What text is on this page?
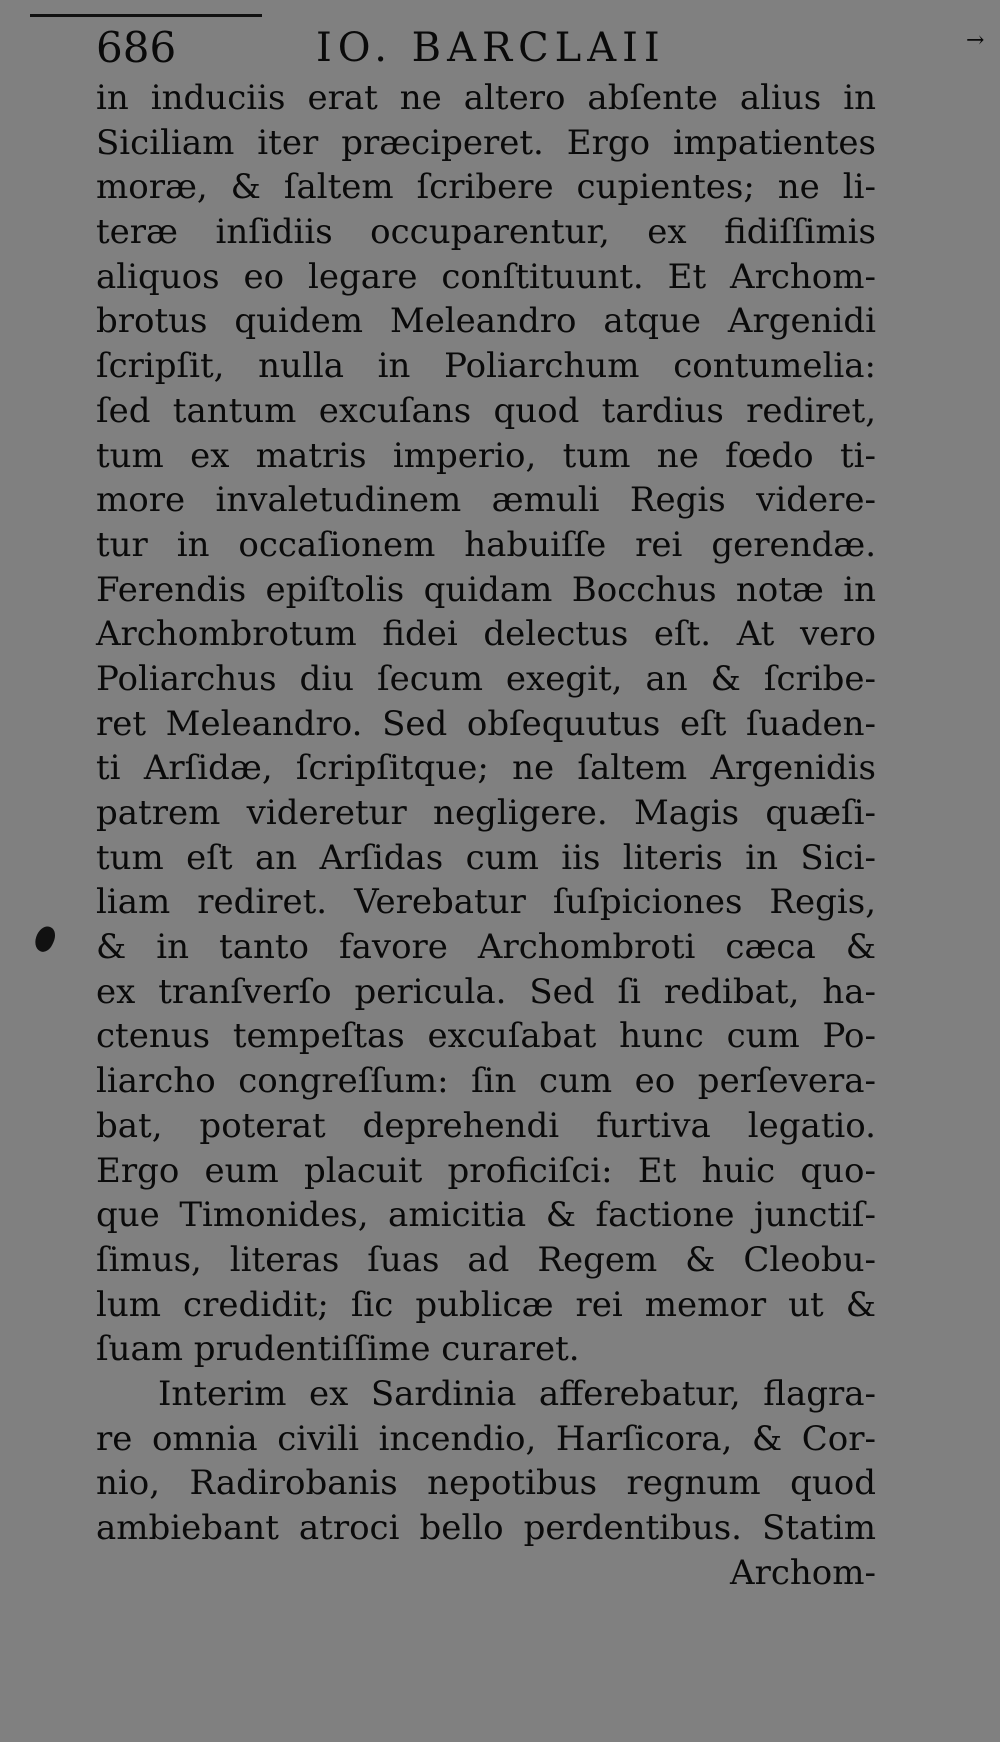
→
686	IO. BARCLAII
in induciis erat ne altero abſente alius in
Siciliam iter præciperet. Ergo impatientes
moræ, & ſaltem ſcribere cupientes; ne li-
teræ inſidiis occuparentur, ex fidiſſimis
aliquos eo legare conſtituunt. Et Archom-
brotus quidem Meleandro atque Argenidi
ſcripſit, nulla in Poliarchum contumelia:
ſed tantum excuſans quod tardius rediret,
tum ex matris imperio, tum ne fœdo ti-
more invaletudinem æmuli Regis videre-
tur in occaſionem habuiſſe rei gerendæ.
Ferendis epiſtolis quidam Bocchus notæ in
Archombrotum fidei delectus eſt. At vero
Poliarchus diu ſecum exegit, an & ſcribe-
ret Meleandro. Sed obſequutus eſt ſuaden-
ti Arſidæ, ſcripſitque; ne ſaltem Argenidis
patrem videretur negligere. Magis quæſi-
tum eſt an Arſidas cum iis literis in Sici-
liam rediret. Verebatur ſuſpiciones Regis,
& in tanto favore Archombroti cæca &
ex tranſverſo pericula. Sed ſi redibat, ha-
ctenus tempeſtas excuſabat hunc cum Po-
liarcho congreſſum: ſin cum eo perſevera-
bat, poterat deprehendi furtiva legatio.
Ergo eum placuit proficiſci: Et huic quo-
que Timonides, amicitia & factione junctiſ-
ſimus, literas ſuas ad Regem & Cleobu-
lum credidit; ſic publicæ rei memor ut &
ſuam prudentiſſime curaret.
Interim ex Sardinia afferebatur, flagra-
re omnia civili incendio, Harſicora, & Cor-
nio, Radirobanis nepotibus regnum quod
ambiebant atroci bello perdentibus. Statim
Archom-
